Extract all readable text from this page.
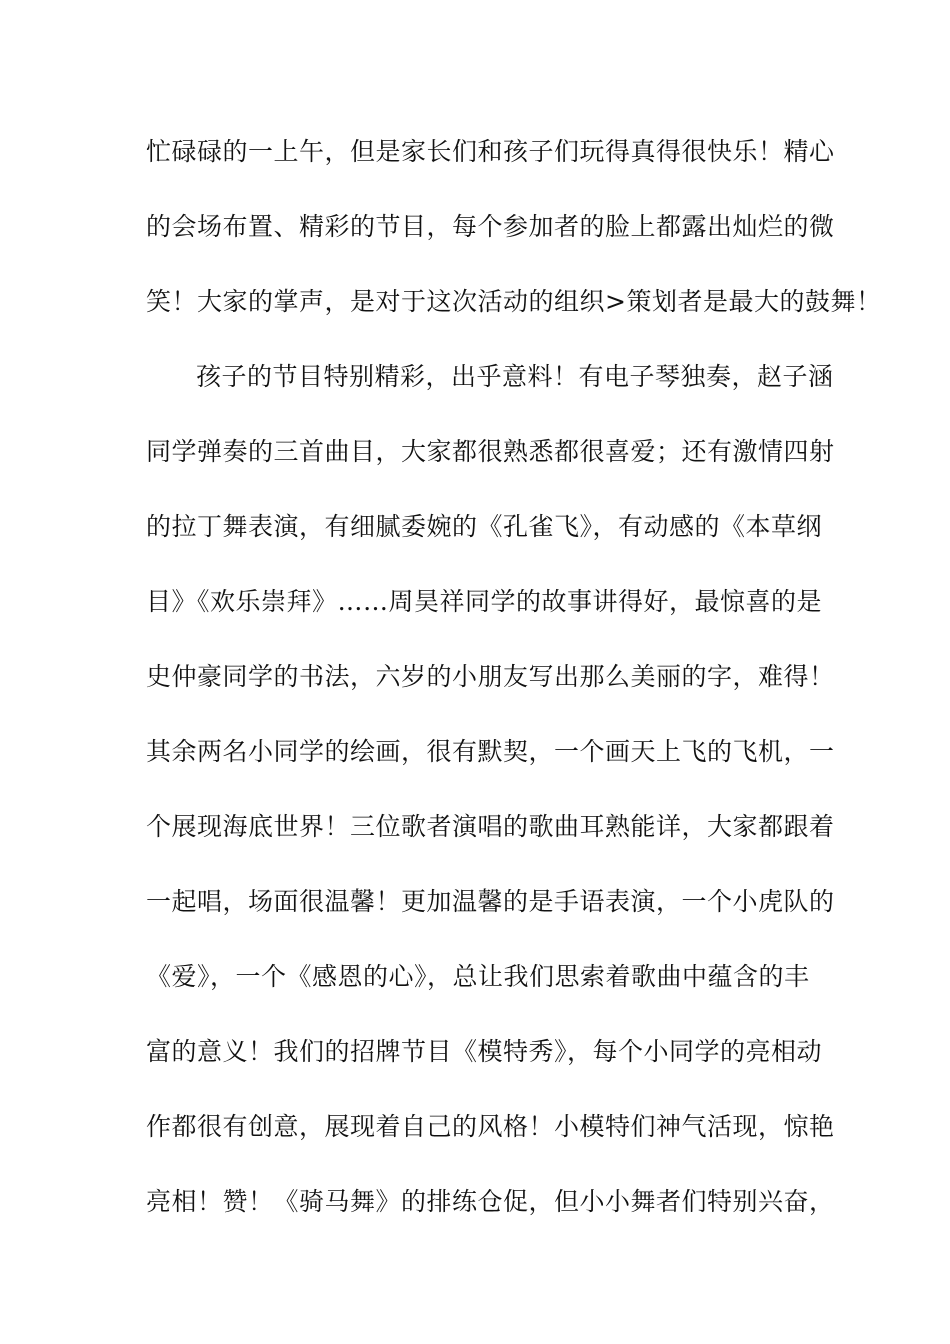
忙碌碌的一上午，但是家长们和孩子们玩得真得很快乐！精心
的会场布置、精彩的节目，每个参加者的脸上都露出灿烂的微
笑！大家的掌声，是对于这次活动的组织>策划者是最大的鼓舞！
孩子的节目特别精彩，出乎意料！有电子琴独奏，赵子涵
同学弹奏的三首曲目，大家都很熟悉都很喜爱；还有激情四射
的拉丁舞表演，有细腻委婉的《孔雀飞》，有动感的《本草纲
目》《欢乐崇拜》……周昊祥同学的故事讲得好，最惊喜的是
史仲豪同学的书法，六岁的小朋友写出那么美丽的字，难得！
其余两名小同学的绘画，很有默契，一个画天上飞的飞机，一
个展现海底世界！三位歌者演唱的歌曲耳熟能详，大家都跟着
一起唱，场面很温馨！更加温馨的是手语表演，一个小虎队的
《爱》，一个《感恩的心》，总让我们思索着歌曲中蕴含的丰
富的意义！我们的招牌节目《模特秀》，每个小同学的亮相动
作都很有创意，展现着自己的风格！小模特们神气活现，惊艳
亮相！赞！《骑马舞》的排练仓促，但小小舞者们特别兴奋，
